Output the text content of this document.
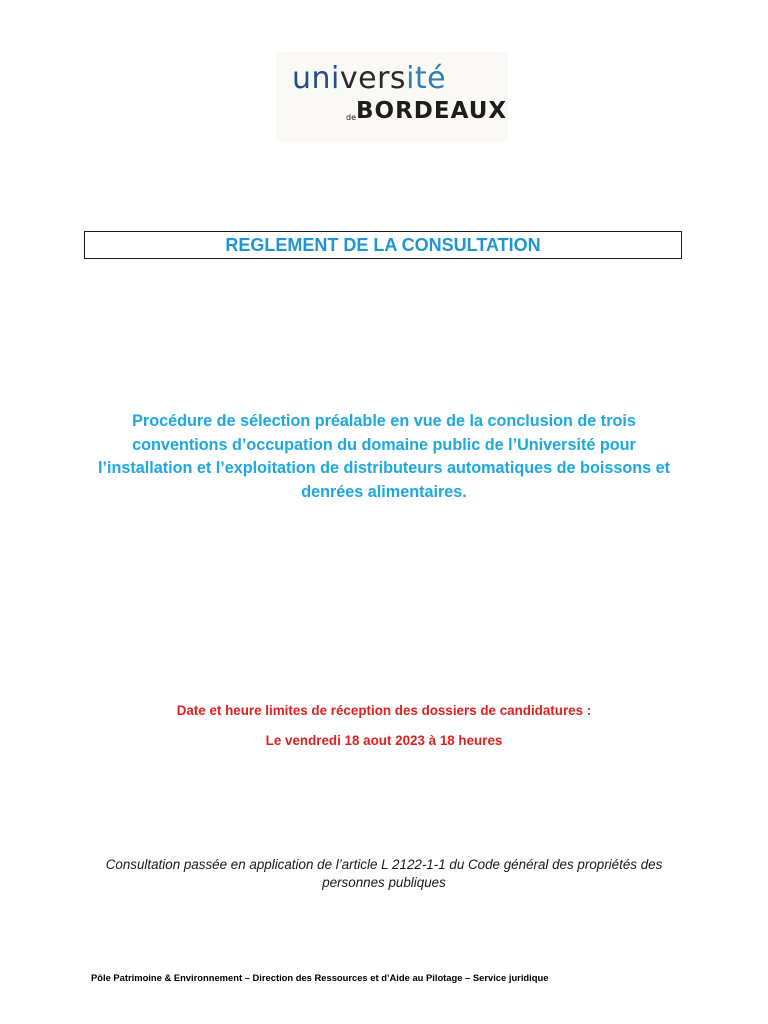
université
de BORDEAUX
REGLEMENT DE LA CONSULTATION
Procédure de sélection préalable en vue de la conclusion de trois conventions d’occupation du domaine public de l’Université pour l’installation et l’exploitation de distributeurs automatiques de boissons et denrées alimentaires.
Date et heure limites de réception des dossiers de candidatures :
Le vendredi 18 aout 2023 à 18 heures
Consultation passée en application de l’article L 2122-1-1 du Code général des propriétés des personnes publiques
Pôle Patrimoine & Environnement – Direction des Ressources et d’Aide au Pilotage – Service juridique
